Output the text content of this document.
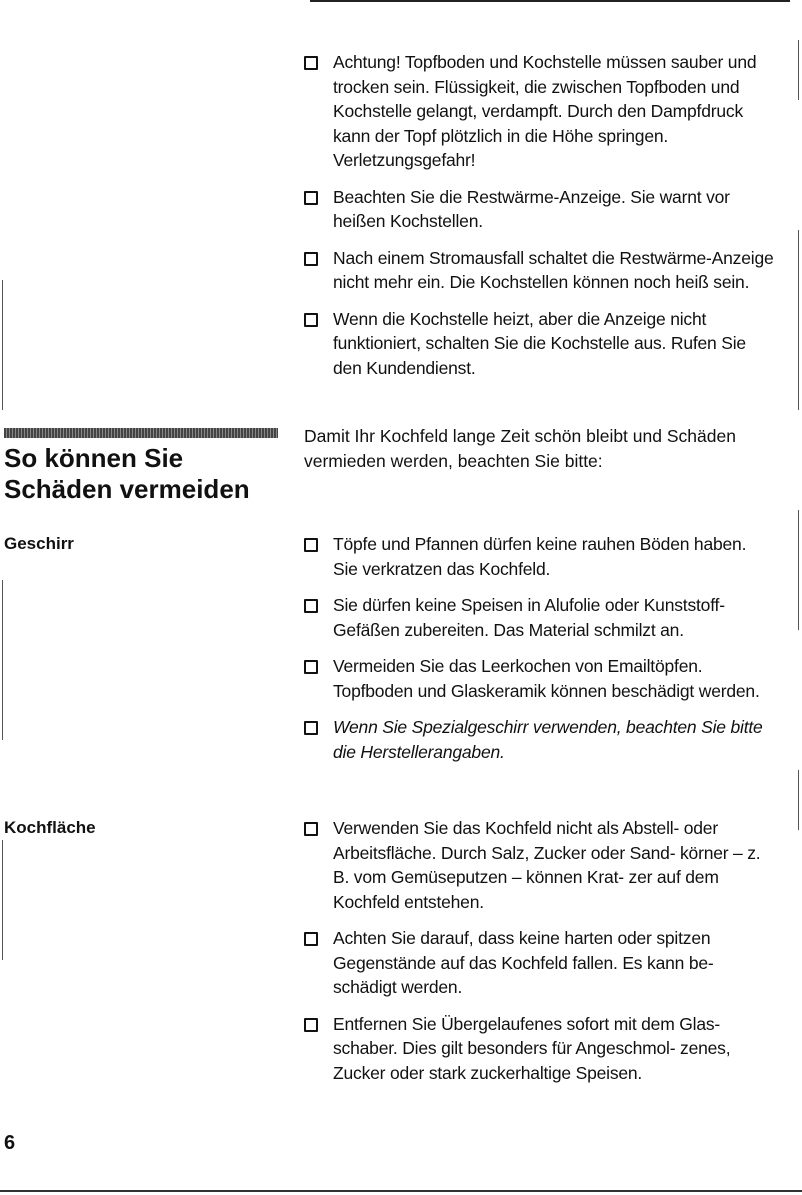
Achtung! Topfboden und Kochstelle müssen sauber und trocken sein. Flüssigkeit, die zwischen Topfboden und Kochstelle gelangt, verdampft. Durch den Dampfdruck kann der Topf plötzlich in die Höhe springen. Verletzungsgefahr!
Beachten Sie die Restwärme-Anzeige. Sie warnt vor heißen Kochstellen.
Nach einem Stromausfall schaltet die Restwärme-Anzeige nicht mehr ein. Die Kochstellen können noch heiß sein.
Wenn die Kochstelle heizt, aber die Anzeige nicht funktioniert, schalten Sie die Kochstelle aus. Rufen Sie den Kundendienst.
So können Sie
Schäden vermeiden

Damit Ihr Kochfeld lange Zeit schön bleibt und Schäden vermieden werden, beachten Sie bitte:

Geschirr	Töpfe und Pfannen dürfen keine rauhen Böden haben. Sie verkratzen das Kochfeld.
Sie dürfen keine Speisen in Alufolie oder Kunststoff-Gefäßen zubereiten. Das Material schmilzt an.
Vermeiden Sie das Leerkochen von Emailtöpfen. Topfboden und Glaskeramik können beschädigt werden.
Wenn Sie Spezialgeschirr verwenden, beachten Sie bitte die Herstellerangaben.

Kochfläche	Verwenden Sie das Kochfeld nicht als Abstell- oder Arbeitsfläche. Durch Salz, Zucker oder Sand- körner – z. B. vom Gemüseputzen – können Krat- zer auf dem Kochfeld entstehen.
Achten Sie darauf, dass keine harten oder spitzen Gegenstände auf das Kochfeld fallen. Es kann be- schädigt werden.
Entfernen Sie Übergelaufenes sofort mit dem Glas- schaber. Dies gilt besonders für Angeschmol- zenes, Zucker oder stark zuckerhaltige Speisen.
6
